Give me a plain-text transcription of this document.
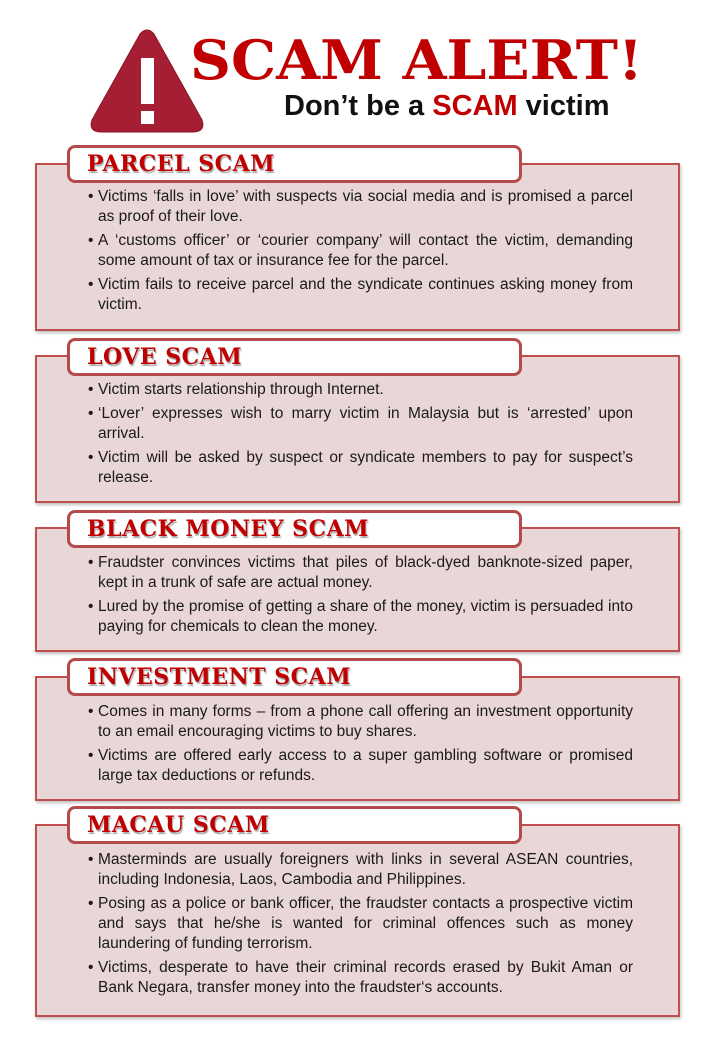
SCAM ALERT!
Don’t be a SCAM victim
PARCEL SCAM
• Victims ‘falls in love’ with suspects via social media and is promised a parcel as proof of their love.
• A ‘customs officer’ or ‘courier company’ will contact the victim, demanding some amount of tax or insurance fee for the parcel.
• Victim fails to receive parcel and the syndicate continues asking money from victim.
LOVE SCAM
• Victim starts relationship through Internet.
• ‘Lover’ expresses wish to marry victim in Malaysia but is ‘arrested’ upon arrival.
• Victim will be asked by suspect or syndicate members to pay for suspect’s release.
BLACK MONEY SCAM
• Fraudster convinces victims that piles of black-dyed banknote-sized paper, kept in a trunk of safe are actual money.
• Lured by the promise of getting a share of the money, victim is persuaded into paying for chemicals to clean the money.
INVESTMENT SCAM
• Comes in many forms – from a phone call offering an investment opportunity to an email encouraging victims to buy shares.
• Victims are offered early access to a super gambling software or promised large tax deductions or refunds.
MACAU SCAM
• Masterminds are usually foreigners with links in several ASEAN countries, including Indonesia, Laos, Cambodia and Philippines.
• Posing as a police or bank officer, the fraudster contacts a prospective victim and says that he/she is wanted for criminal offences such as money laundering of funding terrorism.
• Victims, desperate to have their criminal records erased by Bukit Aman or Bank Negara, transfer money into the fraudster‘s accounts.
